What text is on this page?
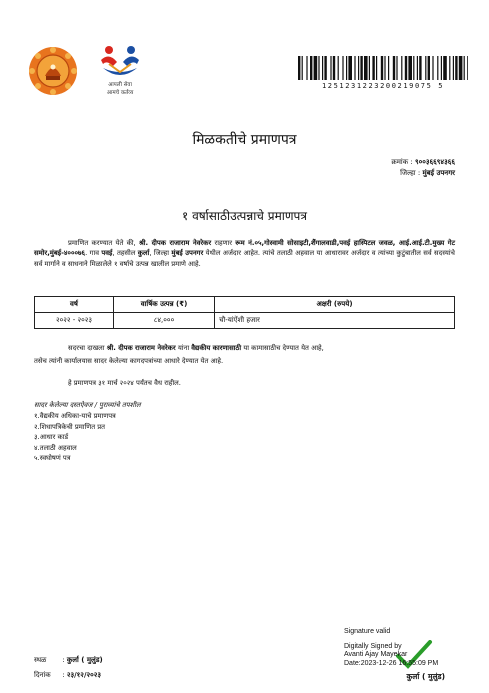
आपली सेवा
आमचे कर्तव्य
1251231223200219075 5
मिळकतीचे प्रमाणपत्र
क्रमांक : ९००३६६९४३६६
जिल्हा : मुंबई उपनगर
१ वर्षासाठीउत्पन्नाचे प्रमाणपत्र
प्रमाणित करण्यात येते की, श्री. दीपक राजाराम नेवरेकर राहणार रूम नं.०५,गोस्वामी सोसाइटी,शैंगालवाडी,पवई हास्पिटल जवळ, आई.आई.टी.मुख्य गेट समोर,मुंबई-४०००७६. गाव पवई, तहसील कुर्ला, जिल्हा मुंबई उपनगर येथील अर्जदार आहेत. त्यांचे तलाठी अहवाल या आधारावर अर्जदार व त्यांच्या कुटुंबातील सर्व सदस्यांचे सर्व मार्गाने व साधनाने मिळालेले १ वर्षाचे उत्पन्न खालील प्रमाणे आहे.
वर्ष	वार्षिक उत्पन्न (₹)	अक्षरी (रुपये)
२०२२ - २०२३	८४,०००	चौ-यांऐंशी हजार
सदरचा दाखला श्री. दीपक राजाराम नेवरेकर यांना वैद्यकीय कारणासाठी या कामासाठीच देण्यात येत आहे,
तसेच त्यांनी कार्यालयास सादर केलेल्या कागदपत्रांच्या आधारे देण्यात येत आहे.
हे प्रमाणपत्र ३१ मार्च २०२४ पर्यंतच वैध राहील.
सादर केलेल्या दस्तऐवज / पुराव्यांचे तपशील
१.वैद्यकीय अधिका-याचे प्रमाणपत्र
२.शिधापत्रिकेची प्रमाणित प्रत
३.आधार कार्ड
४.तलाठी अहवाल
५.स्वघोषणं पत्र
स्थळ : कुर्ला ( मुलुंड)
दिनांक : २३/१२/२०२३
Signature valid
Digitally Signed by
Avanti Ajay Mayekar
Date:2023-12-26 16:55:09 PM
कुर्ला ( मुलुंड)
